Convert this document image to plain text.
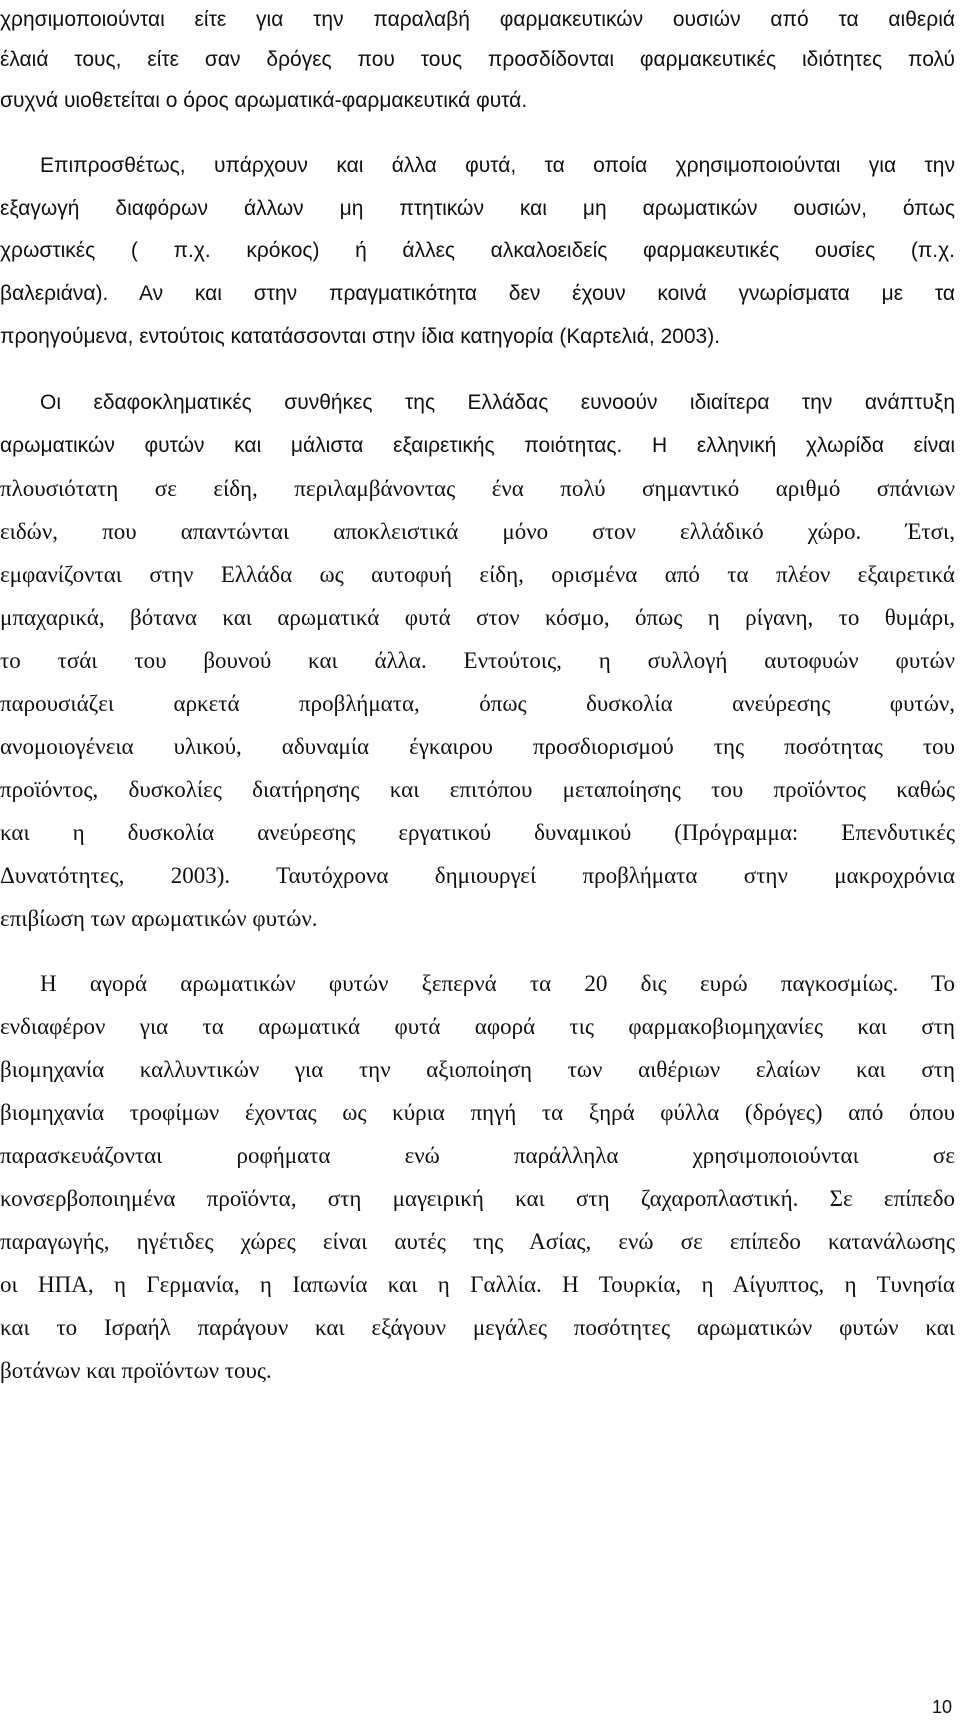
χρησιμοποιούνται είτε για την παραλαβή φαρμακευτικών ουσιών από τα αιθεριά
έλαιά τους, είτε σαν δρόγες που τους προσδίδονται φαρμακευτικές ιδιότητες πολύ
συχνά υιοθετείται ο όρος αρωματικά-φαρμακευτικά φυτά.
Επιπροσθέτως, υπάρχουν και άλλα φυτά, τα οποία χρησιμοποιούνται για την
εξαγωγή διαφόρων άλλων μη πτητικών και μη αρωματικών ουσιών, όπως
χρωστικές ( π.χ. κρόκος) ή άλλες αλκαλοειδείς φαρμακευτικές ουσίες (π.χ.
βαλεριάνα). Αν και στην πραγματικότητα δεν έχουν κοινά γνωρίσματα με τα
προηγούμενα, εντούτοις κατατάσσονται στην ίδια κατηγορία (Καρτελιά, 2003).
Οι εδαφοκληματικές συνθήκες της Ελλάδας ευνοούν ιδιαίτερα την ανάπτυξη
αρωματικών φυτών και μάλιστα εξαιρετικής ποιότητας. Η ελληνική χλωρίδα είναι
πλουσιότατη σε είδη, περιλαμβάνοντας ένα πολύ σημαντικό αριθμό σπάνιων
ειδών, που απαντώνται αποκλειστικά μόνο στον ελλάδικό χώρο. Έτσι,
εμφανίζονται στην Ελλάδα ως αυτοφυή είδη, ορισμένα από τα πλέον εξαιρετικά
μπαχαρικά, βότανα και αρωματικά φυτά στον κόσμο, όπως η ρίγανη, το θυμάρι,
το τσάι του βουνού και άλλα. Εντούτοις, η συλλογή αυτοφυών φυτών
παρουσιάζει αρκετά προβλήματα, όπως δυσκολία ανεύρεσης φυτών,
ανομοιογένεια υλικού, αδυναμία έγκαιρου προσδιορισμού της ποσότητας του
προϊόντος, δυσκολίες διατήρησης και επιτόπου μεταποίησης του προϊόντος καθώς
και η δυσκολία ανεύρεσης εργατικού δυναμικού (Πρόγραμμα: Επενδυτικές
Δυνατότητες, 2003). Ταυτόχρονα δημιουργεί προβλήματα στην μακροχρόνια
επιβίωση των αρωματικών φυτών.
Η αγορά αρωματικών φυτών ξεπερνά τα 20 δις ευρώ παγκοσμίως. Το
ενδιαφέρον για τα αρωματικά φυτά αφορά τις φαρμακοβιομηχανίες και στη
βιομηχανία καλλυντικών για την αξιοποίηση των αιθέριων ελαίων και στη
βιομηχανία τροφίμων έχοντας ως κύρια πηγή τα ξηρά φύλλα (δρόγες) από όπου
παρασκευάζονται ροφήματα ενώ παράλληλα χρησιμοποιούνται σε
κονσερβοποιημένα προϊόντα, στη μαγειρική και στη ζαχαροπλαστική. Σε επίπεδο
παραγωγής, ηγέτιδες χώρες είναι αυτές της Ασίας, ενώ σε επίπεδο κατανάλωσης
οι ΗΠΑ, η Γερμανία, η Ιαπωνία και η Γαλλία. Η Τουρκία, η Αίγυπτος, η Τυνησία
και το Ισραήλ παράγουν και εξάγουν μεγάλες ποσότητες αρωματικών φυτών και
βοτάνων και προϊόντων τους.
10
